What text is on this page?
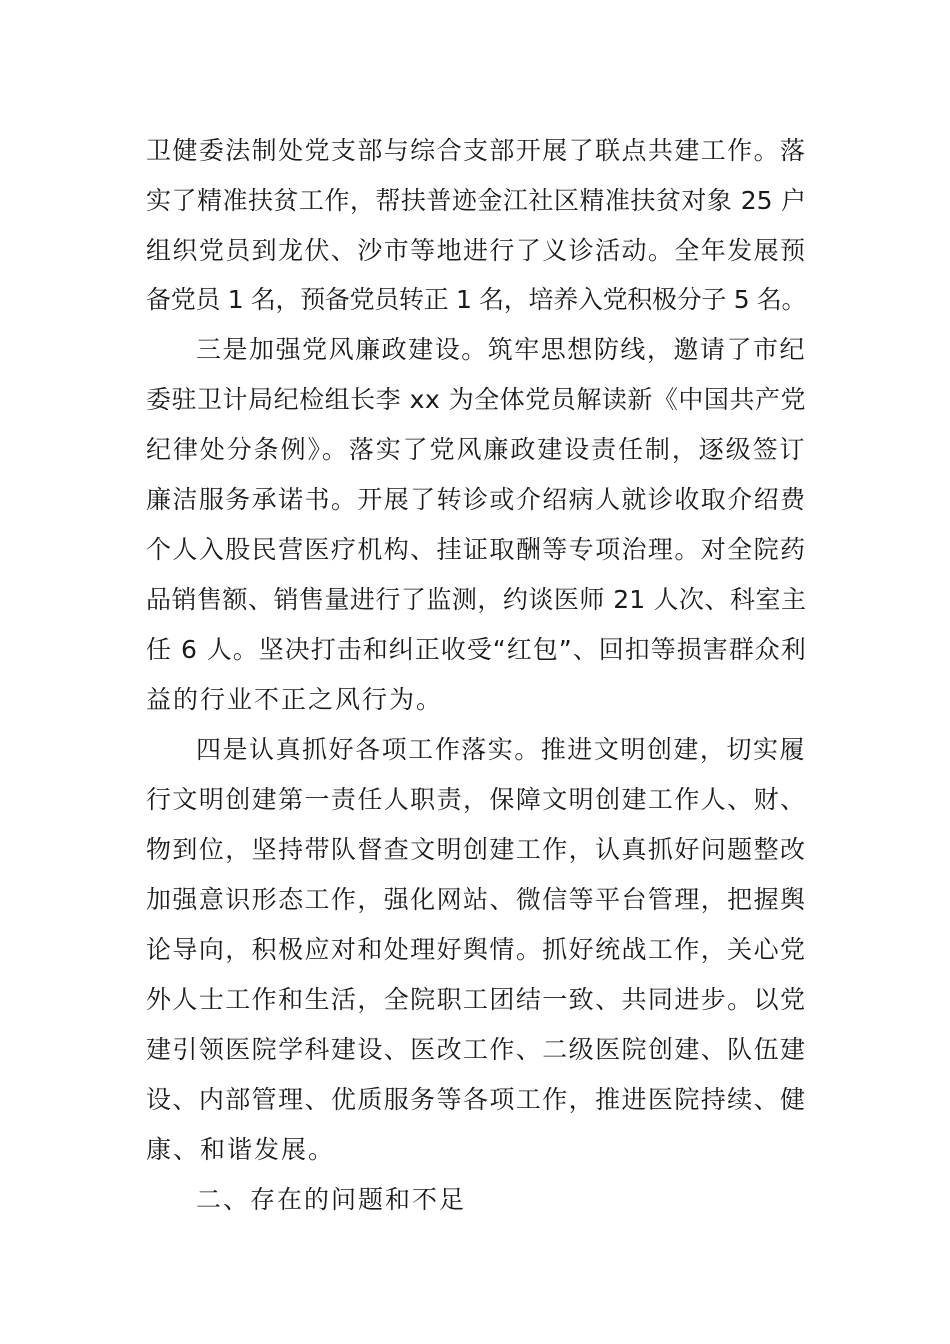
卫健委法制处党支部与综合支部开展了联点共建工作。落
实了精准扶贫工作，帮扶普迹金江社区精准扶贫对象 25 户
组织党员到龙伏、沙市等地进行了义诊活动。全年发展预
备党员 1 名，预备党员转正 1 名，培养入党积极分子 5 名。
三是加强党风廉政建设。筑牢思想防线，邀请了市纪
委驻卫计局纪检组长李 xx 为全体党员解读新《中国共产党
纪律处分条例》。落实了党风廉政建设责任制，逐级签订
廉洁服务承诺书。开展了转诊或介绍病人就诊收取介绍费
个人入股民营医疗机构、挂证取酬等专项治理。对全院药
品销售额、销售量进行了监测，约谈医师 21 人次、科室主
任 6 人。坚决打击和纠正收受“红包”、回扣等损害群众利
益的行业不正之风行为。
四是认真抓好各项工作落实。推进文明创建，切实履
行文明创建第一责任人职责，保障文明创建工作人、财、
物到位，坚持带队督查文明创建工作，认真抓好问题整改
加强意识形态工作，强化网站、微信等平台管理，把握舆
论导向，积极应对和处理好舆情。抓好统战工作，关心党
外人士工作和生活，全院职工团结一致、共同进步。以党
建引领医院学科建设、医改工作、二级医院创建、队伍建
设、内部管理、优质服务等各项工作，推进医院持续、健
康、和谐发展。
二、存在的问题和不足
